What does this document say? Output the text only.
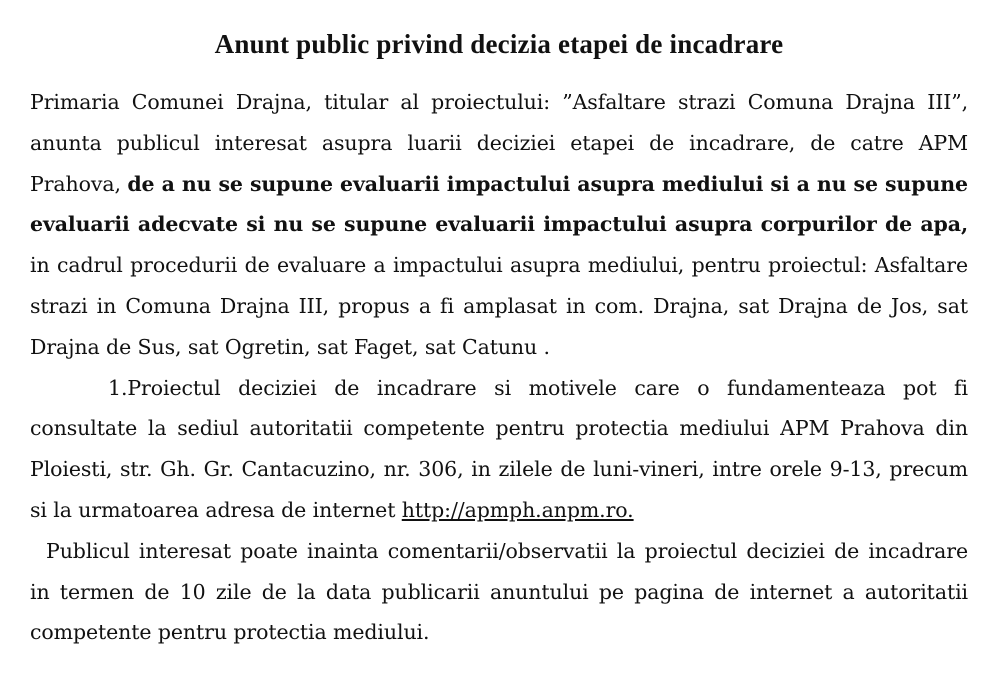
Anunt public privind decizia etapei de incadrare

Primaria Comunei Drajna, titular al proiectului: ”Asfaltare strazi Comuna Drajna III”, anunta publicul interesat asupra luarii deciziei etapei de incadrare, de catre APM Prahova, de a nu se supune evaluarii impactului asupra mediului si a nu se supune evaluarii adecvate si nu se supune evaluarii impactului asupra corpurilor de apa, in cadrul procedurii de evaluare a impactului asupra mediului, pentru proiectul: Asfaltare strazi in Comuna Drajna III, propus a fi amplasat in com. Drajna, sat Drajna de Jos, sat Drajna de Sus, sat Ogretin, sat Faget, sat Catunu .

1.Proiectul deciziei de incadrare si motivele care o fundamenteaza pot fi consultate la sediul autoritatii competente pentru protectia mediului APM Prahova din Ploiesti, str. Gh. Gr. Cantacuzino, nr. 306, in zilele de luni-vineri, intre orele 9-13, precum si la urmatoarea adresa de internet http://apmph.anpm.ro.

Publicul interesat poate inainta comentarii/observatii la proiectul deciziei de incadrare in termen de 10 zile de la data publicarii anuntului pe pagina de internet a autoritatii competente pentru protectia mediului.
